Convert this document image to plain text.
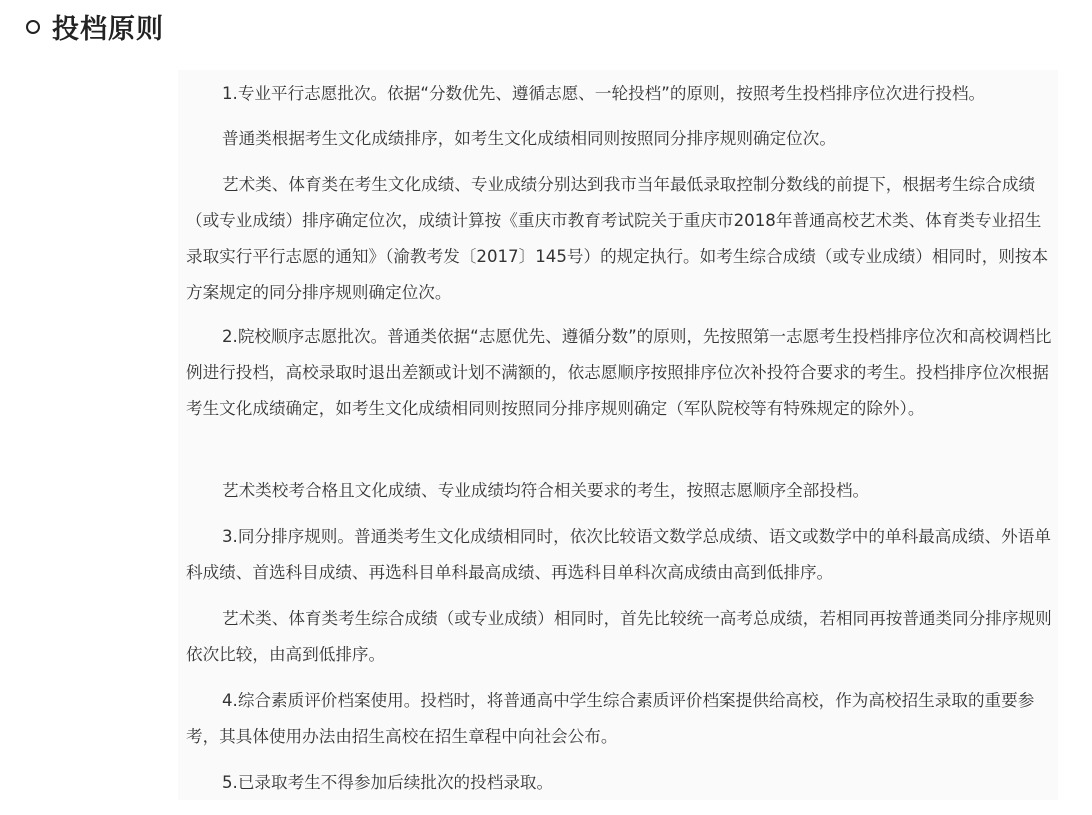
投档原则

1.专业平行志愿批次。依据“分数优先、遵循志愿、一轮投档”的原则，按照考生投档排序位次进行投档。

普通类根据考生文化成绩排序，如考生文化成绩相同则按照同分排序规则确定位次。

艺术类、体育类在考生文化成绩、专业成绩分别达到我市当年最低录取控制分数线的前提下，根据考生综合成绩（或专业成绩）排序确定位次，成绩计算按《重庆市教育考试院关于重庆市2018年普通高校艺术类、体育类专业招生录取实行平行志愿的通知》（渝教考发〔2017〕145号）的规定执行。如考生综合成绩（或专业成绩）相同时，则按本方案规定的同分排序规则确定位次。

2.院校顺序志愿批次。普通类依据“志愿优先、遵循分数”的原则，先按照第一志愿考生投档排序位次和高校调档比例进行投档，高校录取时退出差额或计划不满额的，依志愿顺序按照排序位次补投符合要求的考生。投档排序位次根据考生文化成绩确定，如考生文化成绩相同则按照同分排序规则确定（军队院校等有特殊规定的除外）。

艺术类校考合格且文化成绩、专业成绩均符合相关要求的考生，按照志愿顺序全部投档。

3.同分排序规则。普通类考生文化成绩相同时，依次比较语文数学总成绩、语文或数学中的单科最高成绩、外语单科成绩、首选科目成绩、再选科目单科最高成绩、再选科目单科次高成绩由高到低排序。

艺术类、体育类考生综合成绩（或专业成绩）相同时，首先比较统一高考总成绩，若相同再按普通类同分排序规则依次比较，由高到低排序。

4.综合素质评价档案使用。投档时，将普通高中学生综合素质评价档案提供给高校，作为高校招生录取的重要参考，其具体使用办法由招生高校在招生章程中向社会公布。

5.已录取考生不得参加后续批次的投档录取。
